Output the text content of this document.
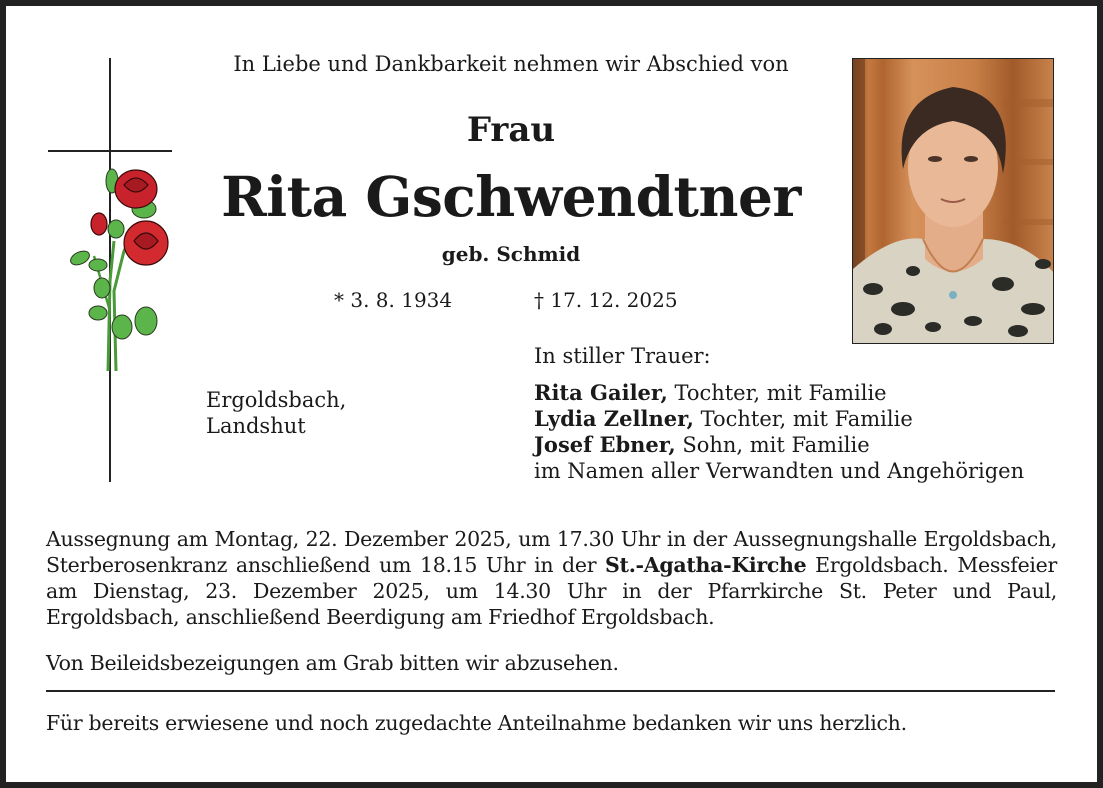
In Liebe und Dankbarkeit nehmen wir Abschied von
Frau
Rita Gschwendtner
geb. Schmid
* 3. 8. 1934	† 17. 12. 2025
Ergoldsbach,
Landshut
In stiller Trauer:
Rita Gailer, Tochter, mit Familie
Lydia Zellner, Tochter, mit Familie
Josef Ebner, Sohn, mit Familie
im Namen aller Verwandten und Angehörigen
Aussegnung am Montag, 22. Dezember 2025, um 17.30 Uhr in der Aussegnungshalle Ergoldsbach, Sterberosenkranz anschließend um 18.15 Uhr in der St.-Agatha-Kirche Ergoldsbach. Messfeier am Dienstag, 23. Dezember 2025, um 14.30 Uhr in der Pfarrkirche St. Peter und Paul, Ergoldsbach, anschließend Beerdigung am Friedhof Ergoldsbach.
Von Beileidsbezeigungen am Grab bitten wir abzusehen.
Für bereits erwiesene und noch zugedachte Anteilnahme bedanken wir uns herzlich.
